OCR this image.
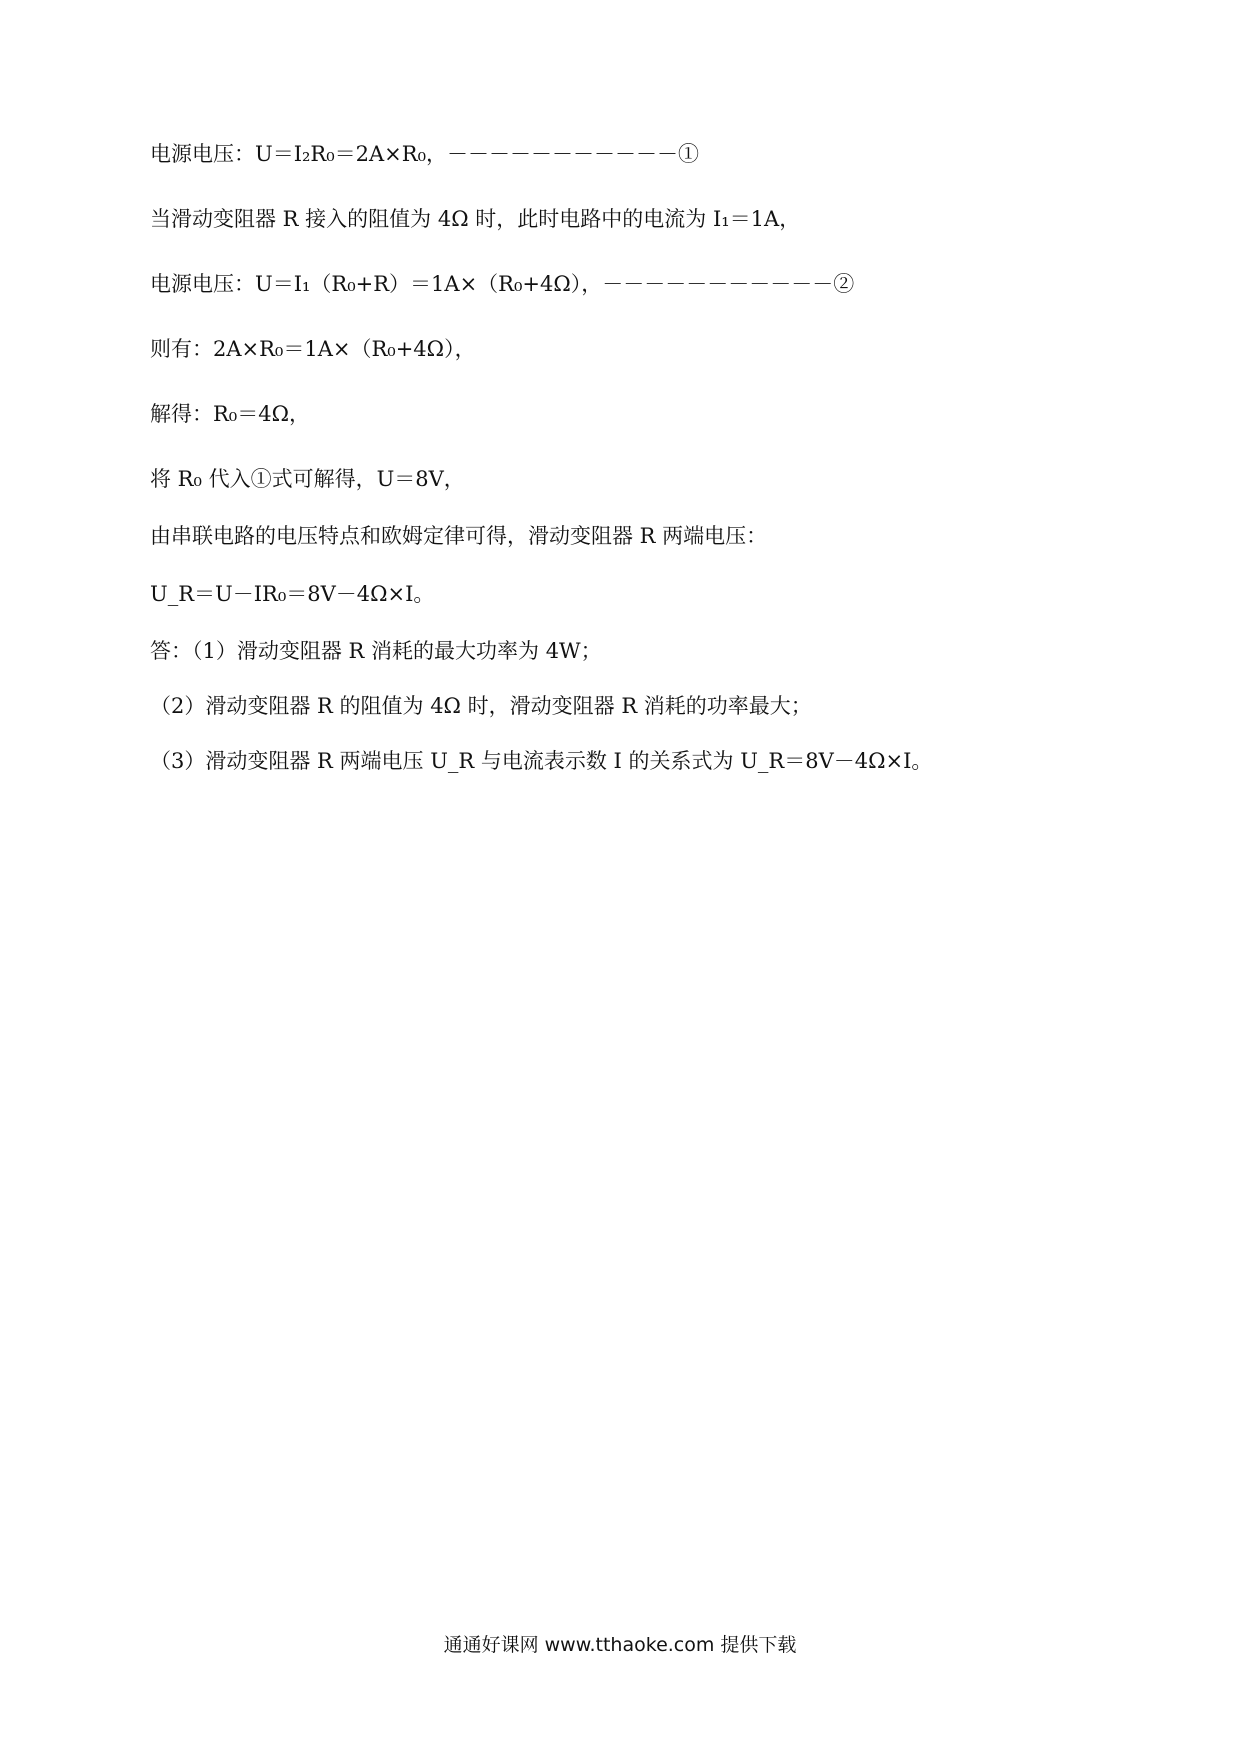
电源电压：U＝I₂R₀＝2A×R₀，－－－－－－－－－－－①
当滑动变阻器 R 接入的阻值为 4Ω 时，此时电路中的电流为 I₁＝1A，
电源电压：U＝I₁（R₀+R）＝1A×（R₀+4Ω），－－－－－－－－－－－②
则有：2A×R₀＝1A×（R₀+4Ω），
解得：R₀＝4Ω，
将 R₀ 代入①式可解得，U＝8V，
由串联电路的电压特点和欧姆定律可得，滑动变阻器 R 两端电压：
U_R＝U－IR₀＝8V－4Ω×I。
答：（1）滑动变阻器 R 消耗的最大功率为 4W；
（2）滑动变阻器 R 的阻值为 4Ω 时，滑动变阻器 R 消耗的功率最大；
（3）滑动变阻器 R 两端电压 U_R 与电流表示数 I 的关系式为 U_R＝8V－4Ω×I。
通通好课网 www.tthaoke.com 提供下载
